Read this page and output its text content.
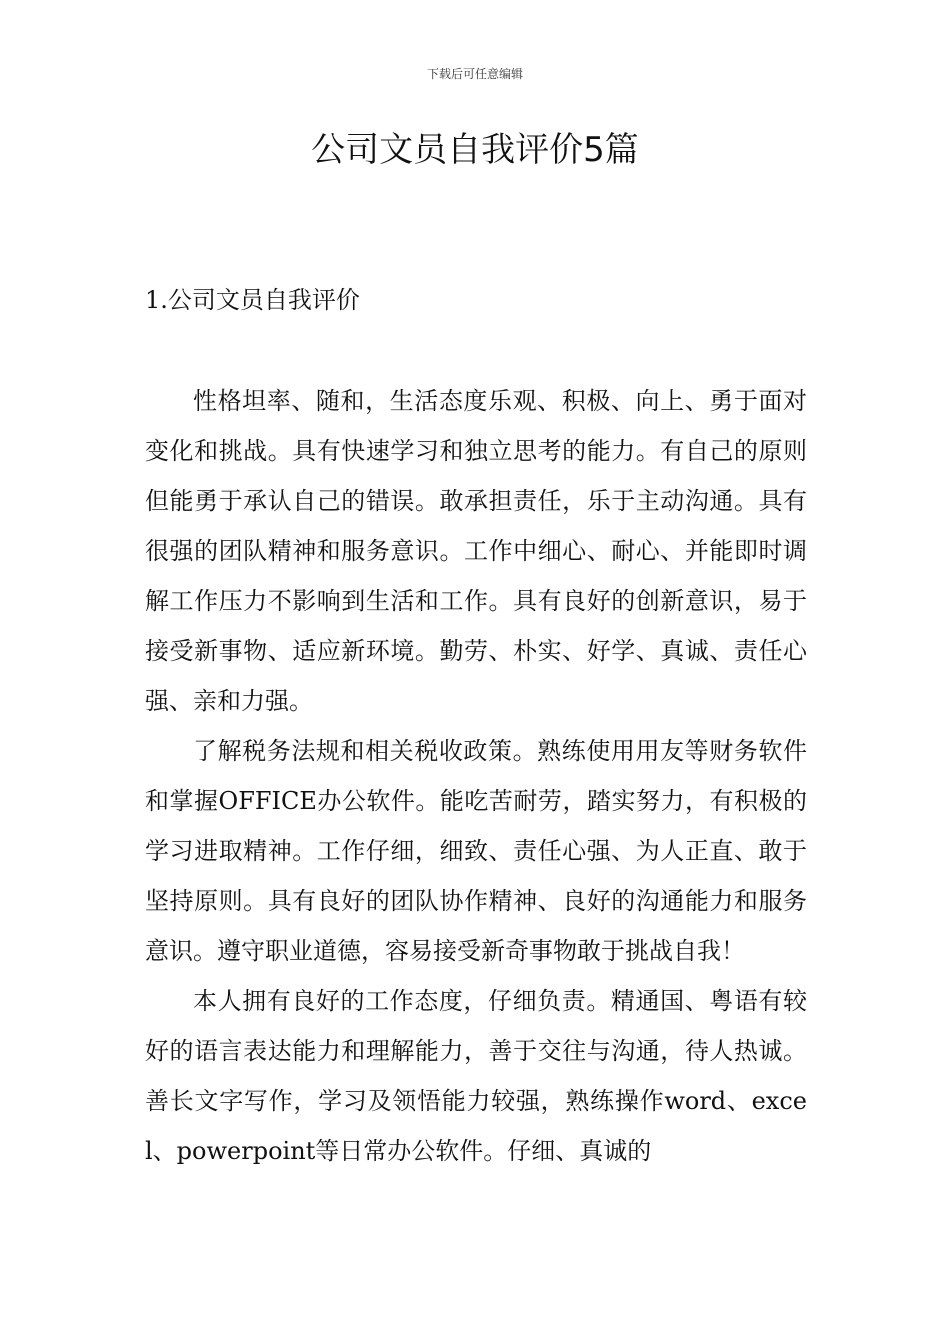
下载后可任意编辑
公司文员自我评价5篇
1.公司文员自我评价

性格坦率、随和，生活态度乐观、积极、向上、勇于面对变化和挑战。具有快速学习和独立思考的能力。有自己的原则但能勇于承认自己的错误。敢承担责任，乐于主动沟通。具有很强的团队精神和服务意识。工作中细心、耐心、并能即时调解工作压力不影响到生活和工作。具有良好的创新意识，易于接受新事物、适应新环境。勤劳、朴实、好学、真诚、责任心强、亲和力强。

了解税务法规和相关税收政策。熟练使用用友等财务软件和掌握OFFICE办公软件。能吃苦耐劳，踏实努力，有积极的学习进取精神。工作仔细，细致、责任心强、为人正直、敢于坚持原则。具有良好的团队协作精神、良好的沟通能力和服务意识。遵守职业道德，容易接受新奇事物敢于挑战自我！

本人拥有良好的工作态度，仔细负责。精通国、粤语有较好的语言表达能力和理解能力，善于交往与沟通，待人热诚。善长文字写作，学习及领悟能力较强，熟练操作word、excel、powerpoint等日常办公软件。仔细、真诚的
